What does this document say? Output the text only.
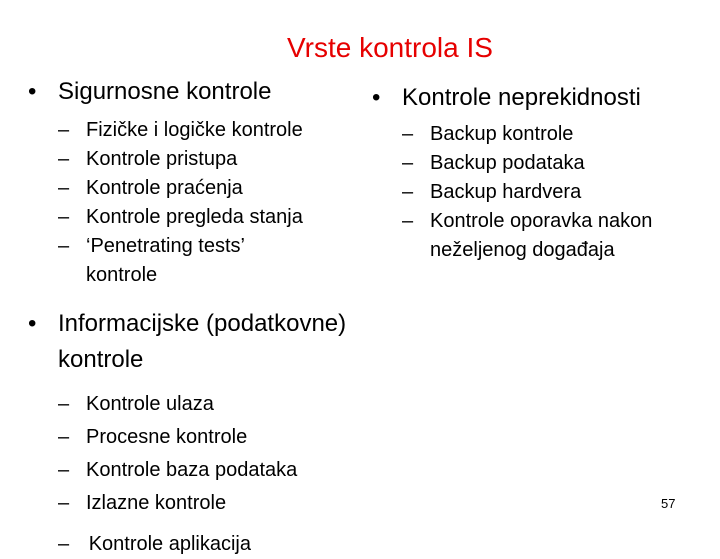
Vrste kontrola IS
• Sigurnosne kontrole
– Fizičke i logičke kontrole
– Kontrole pristupa
– Kontrole praćenja
– Kontrole pregleda stanja
– ‘Penetrating tests’ kontrole
• Informacijske (podatkovne) kontrole
– Kontrole ulaza
– Procesne kontrole
– Kontrole baza podataka
– Izlazne kontrole
– Kontrole aplikacija
• Kontrole neprekidnosti
– Backup kontrole
– Backup podataka
– Backup hardvera
– Kontrole oporavka nakon neželjenog događaja
57
